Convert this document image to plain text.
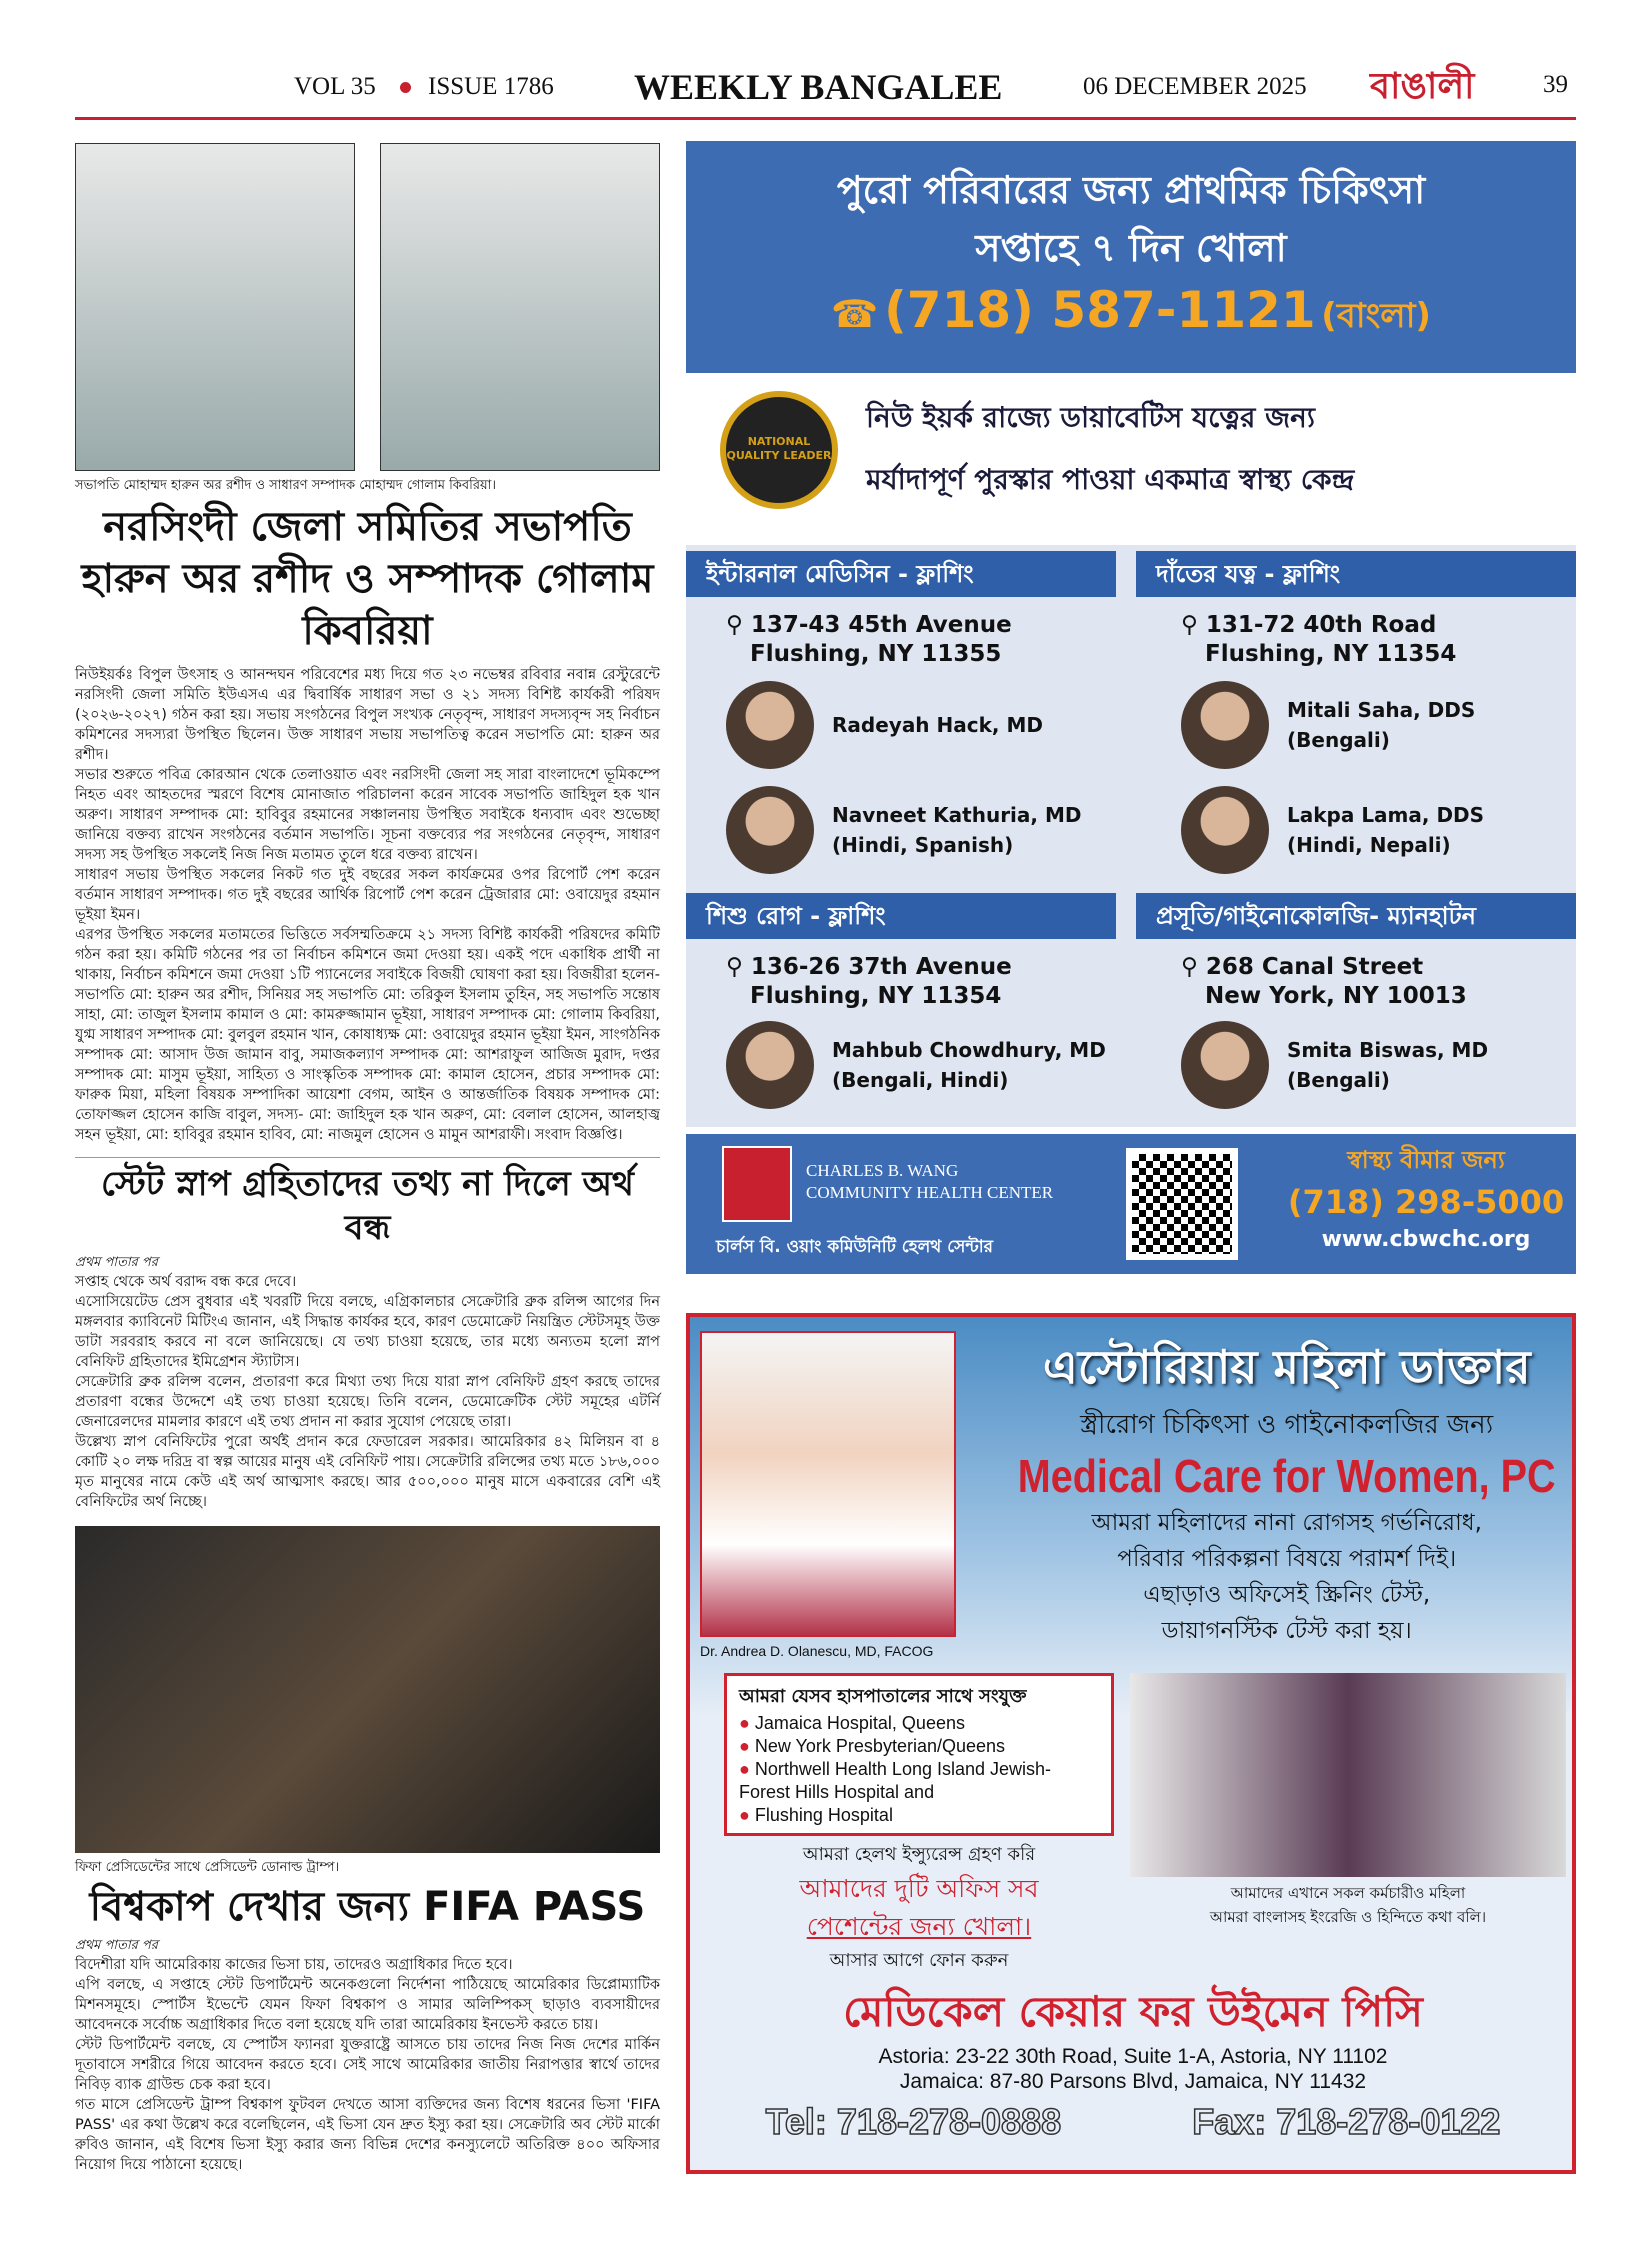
VOL 35 ISSUE 1786 WEEKLY BANGALEE	06 DECEMBER 2025 বাঙালী	39
সভাপতি মোহাম্মদ হারুন অর রশীদ ও সাধারণ সম্পাদক মোহাম্মদ গোলাম কিবরিয়া।
নরসিংদী জেলা সমিতির সভাপতি হারুন অর রশীদ ও সম্পাদক গোলাম কিবরিয়া

নিউইয়র্কঃ বিপুল উৎসাহ ও আনন্দঘন পরিবেশের মধ্য দিয়ে গত ২৩ নভেম্বর রবিবার নবান্ন রেস্টুরেন্টে নরসিংদী জেলা সমিতি ইউএসএ এর দ্বিবার্ষিক সাধারণ সভা ও ২১ সদস্য বিশিষ্ট কার্যকরী পরিষদ (২০২৬-২০২৭) গঠন করা হয়। সভায় সংগঠনের বিপুল সংখ্যক নেতৃবৃন্দ, সাধারণ সদস্যবৃন্দ সহ নির্বাচন কমিশনের সদস্যরা উপস্থিত ছিলেন। উক্ত সাধারণ সভায় সভাপতিত্ব করেন সভাপতি মো: হারুন অর রশীদ।

সভার শুরুতে পবিত্র কোরআন থেকে তেলাওয়াত এবং নরসিংদী জেলা সহ সারা বাংলাদেশে ভূমিকম্পে নিহত এবং আহতদের স্মরণে বিশেষ মোনাজাত পরিচালনা করেন সাবেক সভাপতি জাহিদুল হক খান অরুণ। সাধারণ সম্পাদক মো: হাবিবুর রহমানের সঞ্চালনায় উপস্থিত সবাইকে ধন্যবাদ এবং শুভেচ্ছা জানিয়ে বক্তব্য রাখেন সংগঠনের বর্তমান সভাপতি। সূচনা বক্তব্যের পর সংগঠনের নেতৃবৃন্দ, সাধারণ সদস্য সহ উপস্থিত সকলেই নিজ নিজ মতামত তুলে ধরে বক্তব্য রাখেন।

সাধারণ সভায় উপস্থিত সকলের নিকট গত দুই বছরের সকল কার্যক্রমের ওপর রিপোর্ট পেশ করেন বর্তমান সাধারণ সম্পাদক। গত দুই বছরের আর্থিক রিপোর্ট পেশ করেন ট্রেজারার মো: ওবায়েদুর রহমান ভূইয়া ইমন।

এরপর উপস্থিত সকলের মতামতের ভিত্তিতে সর্বসম্মতিক্রমে ২১ সদস্য বিশিষ্ট কার্যকরী পরিষদের কমিটি গঠন করা হয়। কমিটি গঠনের পর তা নির্বাচন কমিশনে জমা দেওয়া হয়। একই পদে একাধিক প্রার্থী না থাকায়, নির্বাচন কমিশনে জমা দেওয়া ১টি প্যানেলের সবাইকে বিজয়ী ঘোষণা করা হয়। বিজয়ীরা হলেন- সভাপতি মো: হারুন অর রশীদ, সিনিয়র সহ সভাপতি মো: তরিকুল ইসলাম তুহিন, সহ সভাপতি সন্তোষ সাহা, মো: তাজুল ইসলাম কামাল ও মো: কামরুজ্জামান ভূইয়া, সাধারণ সম্পাদক মো: গোলাম কিবরিয়া, যুগ্ম সাধারণ সম্পাদক মো: বুলবুল রহমান খান, কোষাধ্যক্ষ মো: ওবায়েদুর রহমান ভূইয়া ইমন, সাংগঠনিক সম্পাদক মো: আসাদ উজ জামান বাবু, সমাজকল্যাণ সম্পাদক মো: আশরাফুল আজিজ মুরাদ, দপ্তর সম্পাদক মো: মাসুম ভূইয়া, সাহিত্য ও সাংস্কৃতিক সম্পাদক মো: কামাল হোসেন, প্রচার সম্পাদক মো: ফারুক মিয়া, মহিলা বিষয়ক সম্পাদিকা আয়েশা বেগম, আইন ও আন্তর্জাতিক বিষয়ক সম্পাদক মো: তোফাজ্জল হোসেন কাজি বাবুল, সদস্য- মো: জাহিদুল হক খান অরুণ, মো: বেলাল হোসেন, আলহাজ্ব সহন ভূইয়া, মো: হাবিবুর রহমান হাবিব, মো: নাজমুল হোসেন ও মামুন আশরাফী। সংবাদ বিজ্ঞপ্তি।

স্টেট স্নাপ গ্রহিতাদের তথ্য না দিলে অর্থ বন্ধ

প্রথম পাতার পর

সপ্তাহ থেকে অর্থ বরাদ্দ বন্ধ করে দেবে।

এসোসিয়েটেড প্রেস বুধবার এই খবরটি দিয়ে বলছে, এগ্রিকালচার সেক্রেটারি ব্রুক রলিন্স আগের দিন মঙ্গলবার ক্যাবিনেট মিটিংএ জানান, এই সিদ্ধান্ত কার্যকর হবে, কারণ ডেমোক্রেট নিয়ন্ত্রিত স্টেটসমূহ উক্ত ডাটা সরবরাহ করবে না বলে জানিয়েছে। যে তথ্য চাওয়া হয়েছে, তার মধ্যে অন্যতম হলো স্নাপ বেনিফিট গ্রহিতাদের ইমিগ্রেশন স্ট্যাটাস।

সেক্রেটারি ব্রুক রলিন্স বলেন, প্রতারণা করে মিথ্যা তথ্য দিয়ে যারা স্নাপ বেনিফিট গ্রহণ করছে তাদের প্রতারণা বন্ধের উদ্দেশে এই তথ্য চাওয়া হয়েছে। তিনি বলেন, ডেমোক্রেটিক স্টেট সমূহের এটর্নি জেনারেলদের মামলার কারণে এই তথ্য প্রদান না করার সুযোগ পেয়েছে তারা।

উল্লেখ্য স্নাপ বেনিফিটের পুরো অর্থই প্রদান করে ফেডারেল সরকার। আমেরিকার ৪২ মিলিয়ন বা ৪ কোটি ২০ লক্ষ দরিদ্র বা স্বল্প আয়ের মানুষ এই বেনিফিট পায়। সেক্রেটারি রলিন্সের তথ্য মতে ১৮৬,০০০ মৃত মানুষের নামে কেউ এই অর্থ আত্মসাৎ করছে। আর ৫০০,০০০ মানুষ মাসে একবারের বেশি এই বেনিফিটের অর্থ নিচ্ছে।

ফিফা প্রেসিডেন্টের সাথে প্রেসিডেন্ট ডোনাল্ড ট্রাম্প।
বিশ্বকাপ দেখার জন্য FIFA PASS

প্রথম পাতার পর

বিদেশীরা যদি আমেরিকায় কাজের ভিসা চায়, তাদেরও অগ্রাধিকার দিতে হবে।

এপি বলছে, এ সপ্তাহে স্টেট ডিপার্টমেন্ট অনেকগুলো নির্দেশনা পাঠিয়েছে আমেরিকার ডিপ্লোম্যাটিক মিশনসমূহে। স্পোর্টস ইভেন্টে যেমন ফিফা বিশ্বকাপ ও সামার অলিম্পিকস্ ছাড়াও ব্যবসায়ীদের আবেদনকে সর্বোচ্চ অগ্রাধিকার দিতে বলা হয়েছে যদি তারা আমেরিকায় ইনভেস্ট করতে চায়।

স্টেট ডিপার্টমেন্ট বলছে, যে স্পোর্টস ফ্যানরা যুক্তরাষ্ট্রে আসতে চায় তাদের নিজ নিজ দেশের মার্কিন দূতাবাসে সশরীরে গিয়ে আবেদন করতে হবে। সেই সাথে আমেরিকার জাতীয় নিরাপত্তার স্বার্থে তাদের নিবিড় ব্যাক গ্রাউন্ড চেক করা হবে।

গত মাসে প্রেসিডেন্ট ট্রাম্প বিশ্বকাপ ফুটবল দেখতে আসা ব্যক্তিদের জন্য বিশেষ ধরনের ভিসা 'FIFA PASS' এর কথা উল্লেখ করে বলেছিলেন, এই ভিসা যেন দ্রুত ইস্যু করা হয়। সেক্রেটারি অব স্টেট মার্কো রুবিও জানান, এই বিশেষ ভিসা ইস্যু করার জন্য বিভিন্ন দেশের কনস্যুলেটে অতিরিক্ত ৪০০ অফিসার নিয়োগ দিয়ে পাঠানো হয়েছে।

পুরো পরিবারের জন্য প্রাথমিক চিকিৎসা
সপ্তাহে ৭ দিন খোলা
☎ (718) 587-1121 (বাংলা)
NATIONAL QUALITY LEADER
নিউ ইয়র্ক রাজ্যে ডায়াবেটিস যত্নের জন্য
মর্যাদাপূর্ণ পুরস্কার পাওয়া একমাত্র স্বাস্থ্য কেন্দ্র
ইন্টারনাল মেডিসিন - ফ্লাশিং	দাঁতের যত্ন - ফ্লাশিং
⚲ 137-43 45th Avenue
Flushing, NY 11355
⚲ 131-72 40th Road
Flushing, NY 11354
Radeyah Hack, MD
Navneet Kathuria, MD
(Hindi, Spanish)
Mitali Saha, DDS
(Bengali)
Lakpa Lama, DDS
(Hindi, Nepali)
শিশু রোগ - ফ্লাশিং	প্রসূতি/গাইনোকোলজি- ম্যানহাটন
⚲ 136-26 37th Avenue
Flushing, NY 11354
⚲ 268 Canal Street
New York, NY 10013
Mahbub Chowdhury, MD
(Bengali, Hindi)
Smita Biswas, MD
(Bengali)
CHARLES B. WANG
COMMUNITY HEALTH CENTER
চার্লস বি. ওয়াং কমিউনিটি হেলথ সেন্টার
স্বাস্থ্য বীমার জন্য
(718) 298-5000
www.cbwchc.org
Dr. Andrea D. Olanescu, MD, FACOG
এস্টোরিয়ায় মহিলা ডাক্তার
স্ত্রীরোগ চিকিৎসা ও গাইনোকলজির জন্য
Medical Care for Women, PC
আমরা মহিলাদের নানা রোগসহ গর্ভনিরোধ,
পরিবার পরিকল্পনা বিষয়ে পরামর্শ দিই।
এছাড়াও অফিসেই স্ক্রিনিং টেস্ট,
ডায়াগনস্টিক টেস্ট করা হয়।
আমরা যেসব হাসপাতালের সাথে সংযুক্ত
● Jamaica Hospital, Queens
● New York Presbyterian/Queens
● Northwell Health Long Island Jewish- Forest Hills Hospital and
● Flushing Hospital
আমরা হেলথ ইন্স্যুরেন্স গ্রহণ করি
আমাদের দুটি অফিস সব
পেশেন্টের জন্য খোলা।
আসার আগে ফোন করুন
আমাদের এখানে সকল কর্মচারীও মহিলা
আমরা বাংলাসহ ইংরেজি ও হিন্দিতে কথা বলি।
মেডিকেল কেয়ার ফর উইমেন পিসি
Astoria: 23-22 30th Road, Suite 1-A, Astoria, NY 11102
Jamaica: 87-80 Parsons Blvd, Jamaica, NY 11432
Tel: 718-278-0888	Fax: 718-278-0122
